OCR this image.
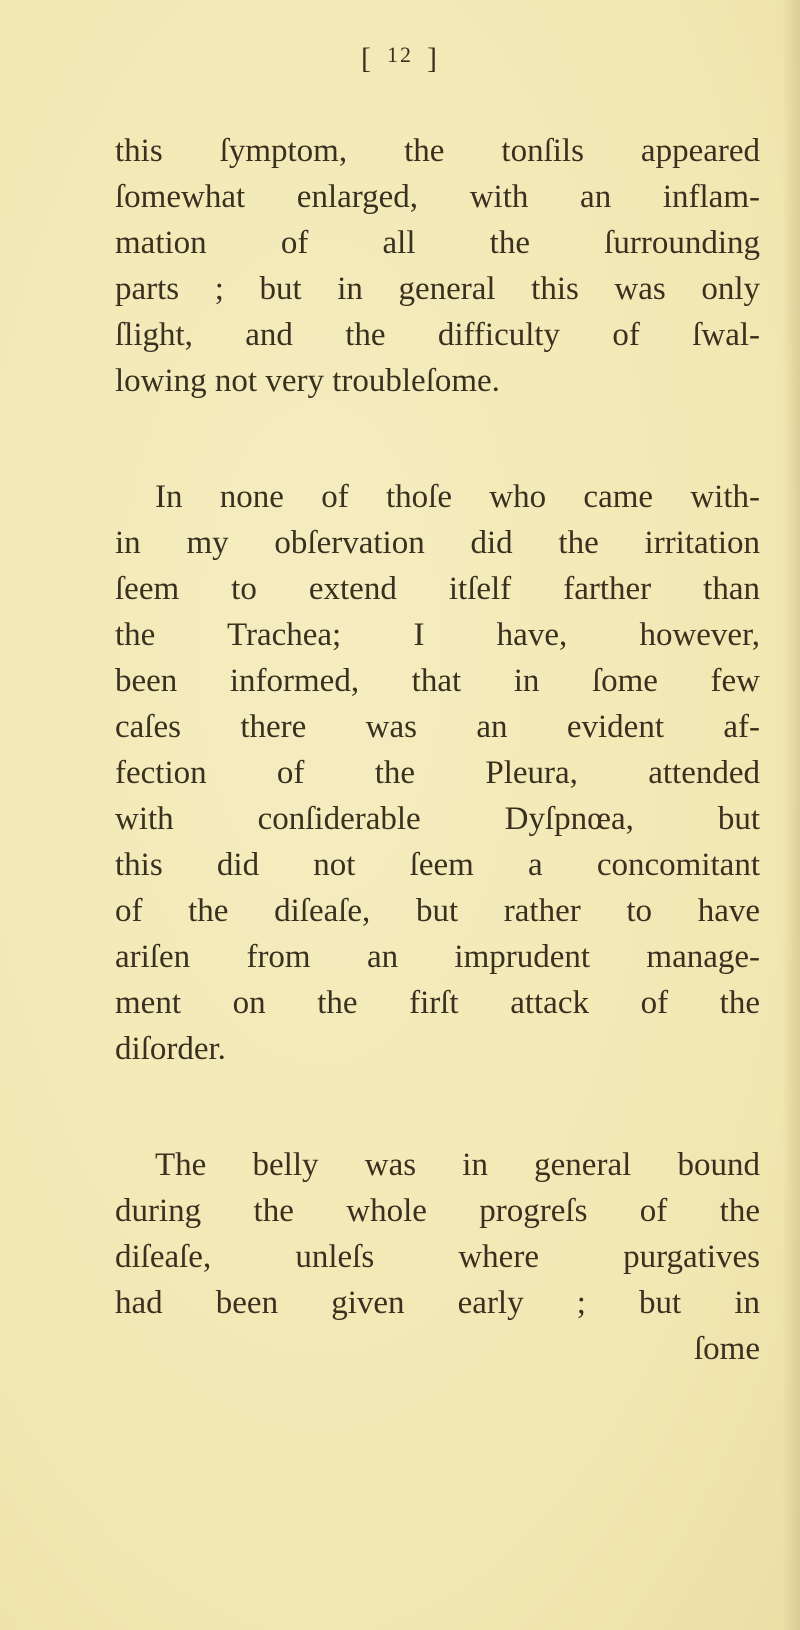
[ $^{12}$ ]
this ſymptom, the tonſils appeared
ſomewhat enlarged, with an inflam-
mation of all the ſurrounding
parts ; but in general this was only
ſlight, and the difficulty of ſwal-
lowing not very troubleſome.
In none of thoſe who came with-
in my obſervation did the irritation
ſeem to extend itſelf farther than
the Trachea; I have, however,
been informed, that in ſome few
caſes there was an evident af-
fection of the Pleura, attended
with conſiderable Dyſpnœa, but
this did not ſeem a concomitant
of the diſeaſe, but rather to have
ariſen from an imprudent manage-
ment on the firſt attack of the
diſorder.
The belly was in general bound
during the whole progreſs of the
diſeaſe, unleſs where purgatives
had been given early ; but in
ſome
